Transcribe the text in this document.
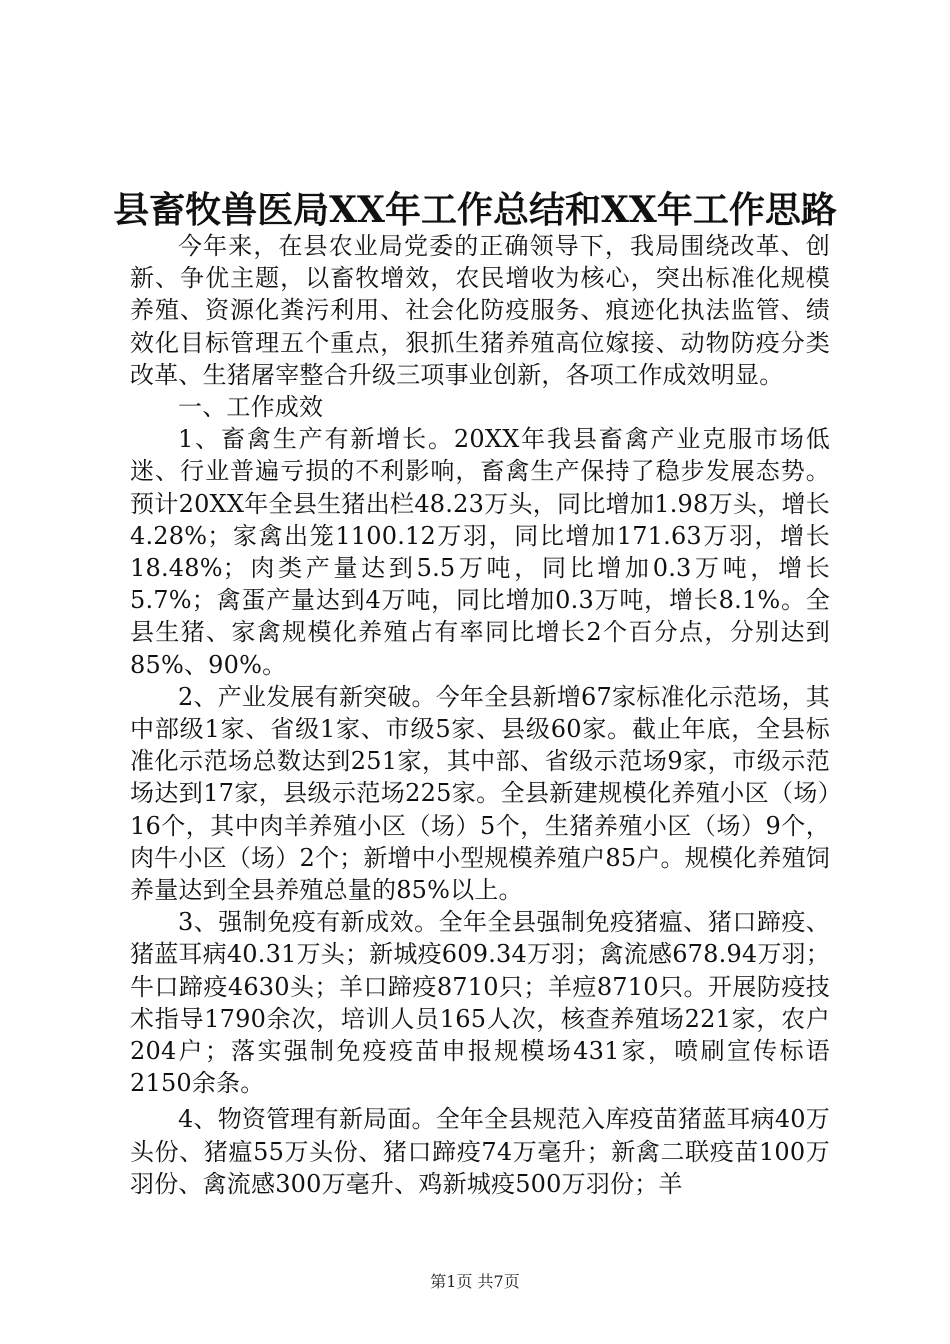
县畜牧兽医局XX年工作总结和XX年工作思路

今年来，在县农业局党委的正确领导下，我局围绕改革、创新、争优主题，以畜牧增效，农民增收为核心，突出标准化规模养殖、资源化粪污利用、社会化防疫服务、痕迹化执法监管、绩效化目标管理五个重点，狠抓生猪养殖高位嫁接、动物防疫分类改革、生猪屠宰整合升级三项事业创新，各项工作成效明显。

一、工作成效

1、畜禽生产有新增长。20XX年我县畜禽产业克服市场低迷、行业普遍亏损的不利影响，畜禽生产保持了稳步发展态势。预计20XX年全县生猪出栏48.23万头，同比增加1.98万头，增长4.28%；家禽出笼1100.12万羽，同比增加171.63万羽，增长18.48%；肉类产量达到5.5万吨，同比增加0.3万吨，增长5.7%；禽蛋产量达到4万吨，同比增加0.3万吨，增长8.1%。全县生猪、家禽规模化养殖占有率同比增长2个百分点，分别达到85%、90%。

2、产业发展有新突破。今年全县新增67家标准化示范场，其中部级1家、省级1家、市级5家、县级60家。截止年底，全县标准化示范场总数达到251家，其中部、省级示范场9家，市级示范场达到17家，县级示范场225家。全县新建规模化养殖小区（场）16个，其中肉羊养殖小区（场）5个，生猪养殖小区（场）9个，肉牛小区（场）2个；新增中小型规模养殖户85户。规模化养殖饲养量达到全县养殖总量的85%以上。

3、强制免疫有新成效。全年全县强制免疫猪瘟、猪口蹄疫、猪蓝耳病40.31万头；新城疫609.34万羽；禽流感678.94万羽；牛口蹄疫4630头；羊口蹄疫8710只；羊痘8710只。开展防疫技术指导1790余次，培训人员165人次，核查养殖场221家，农户204户；落实强制免疫疫苗申报规模场431家，喷刷宣传标语2150余条。

4、物资管理有新局面。全年全县规范入库疫苗猪蓝耳病40万头份、猪瘟55万头份、猪口蹄疫74万毫升；新禽二联疫苗100万羽份、禽流感300万毫升、鸡新城疫500万羽份；羊

第1页 共7页
